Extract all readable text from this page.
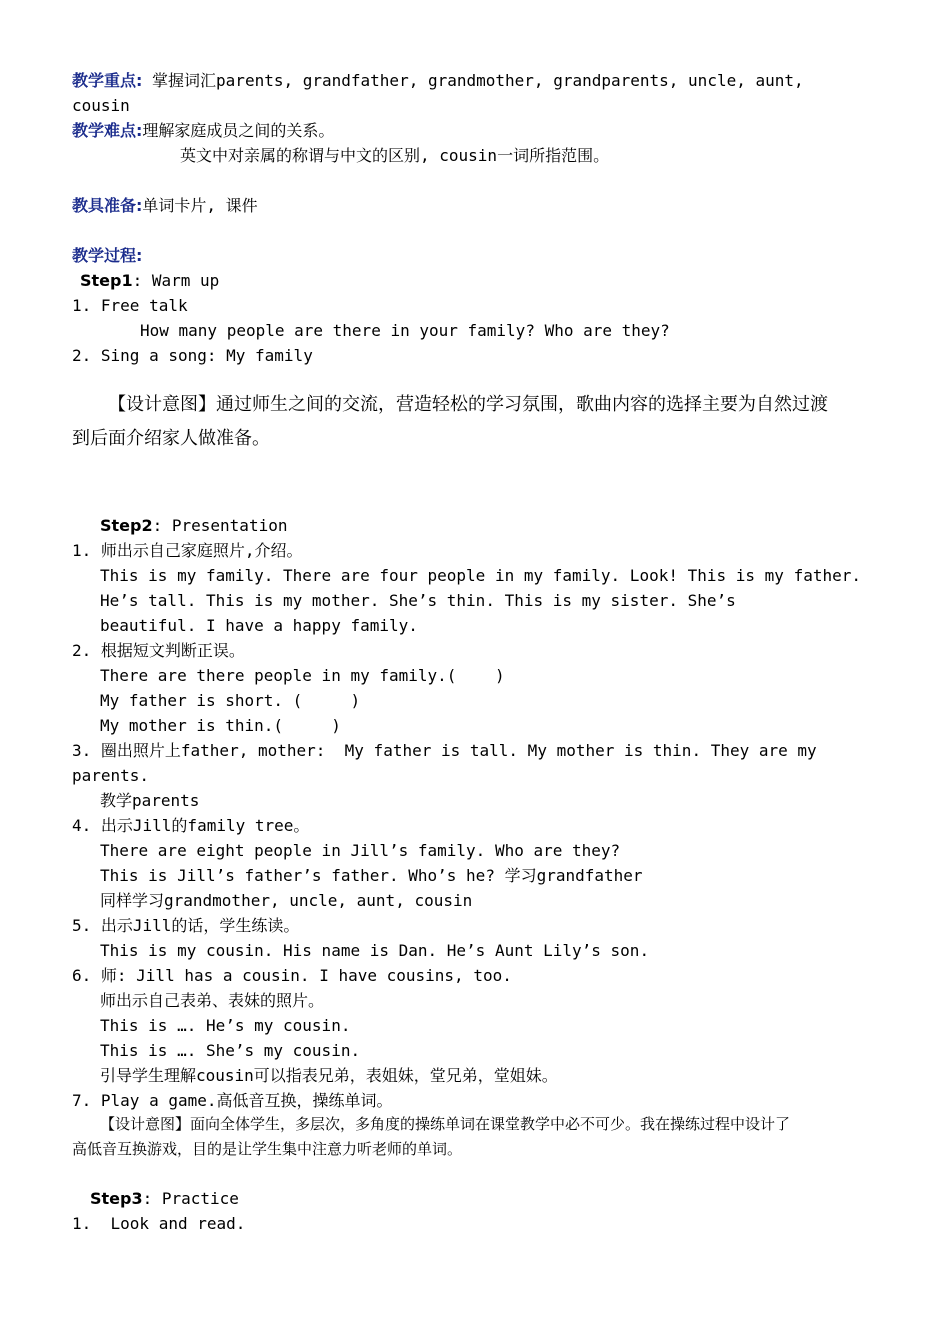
教学重点: 掌握词汇parents, grandfather, grandmother, grandparents, uncle, aunt,
cousin
教学难点:理解家庭成员之间的关系。
英文中对亲属的称谓与中文的区别, cousin一词所指范围。
教具准备:单词卡片, 课件
教学过程:
Step1: Warm up
1. Free talk
How many people are there in your family? Who are they?
2. Sing a song: My family
【设计意图】通过师生之间的交流，营造轻松的学习氛围，歌曲内容的选择主要为自然过渡
到后面介绍家人做准备。
Step2: Presentation
1. 师出示自己家庭照片,介绍。
This is my family. There are four people in my family. Look! This is my father.
He’s tall. This is my mother. She’s thin. This is my sister. She’s
beautiful. I have a happy family.
2. 根据短文判断正误。
There are there people in my family.(    )
My father is short. (     )
My mother is thin.(     )
3. 圈出照片上father, mother:  My father is tall. My mother is thin. They are my
parents.
教学parents
4. 出示Jill的family tree。
There are eight people in Jill’s family. Who are they?
This is Jill’s father’s father. Who’s he? 学习grandfather
同样学习grandmother, uncle, aunt, cousin
5. 出示Jill的话，学生练读。
This is my cousin. His name is Dan. He’s Aunt Lily’s son.
6. 师: Jill has a cousin. I have cousins, too.
师出示自己表弟、表妹的照片。
This is …. He’s my cousin.
This is …. She’s my cousin.
引导学生理解cousin可以指表兄弟，表姐妹，堂兄弟，堂姐妹。
7. Play a game.高低音互换，操练单词。
【设计意图】面向全体学生，多层次，多角度的操练单词在课堂教学中必不可少。我在操练过程中设计了
高低音互换游戏，目的是让学生集中注意力听老师的单词。
Step3: Practice
1.  Look and read.
